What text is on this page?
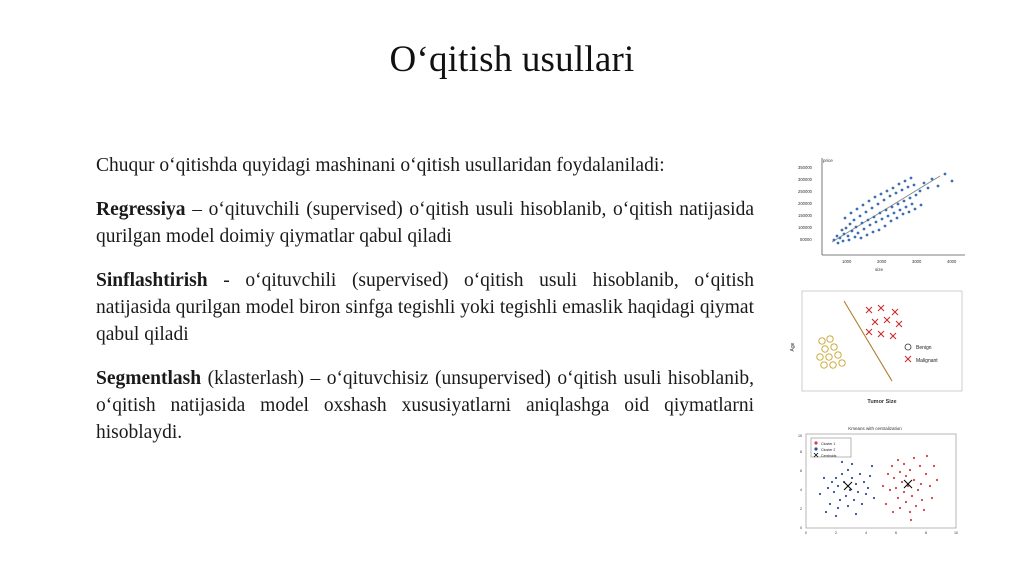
O‘qitish usullari

Chuqur o‘qitishda quyidagi mashinani o‘qitish usullaridan foydalaniladi:

Regressiya – o‘qituvchili (supervised) o‘qitish usuli hisoblanib, o‘qitish natijasida qurilgan model doimiy qiymatlar qabul qiladi

Sinflashtirish - o‘qituvchili (supervised) o‘qitish usuli hisoblanib, o‘qitish natijasida qurilgan model biron sinfga tegishli yoki tegishli emaslik haqidagi qiymat qabul qiladi

Segmentlash (klasterlash) – o‘qituvchisiz (unsupervised) o‘qitish usuli hisoblanib, o‘qitish natijasida model oxshash xususiyatlarni aniqlashga oid qiymatlarni hisoblaydi.

price
350000
300000
250000
200000
150000
100000
50000
1000	2000	3000	4000
size
Age
Tumor Size
Benign
Malignant
Kmeans with centralization
Cluster 1
Cluster 2
Centroids
0	2	4	6	8	10
0
2
4
6
8
10
